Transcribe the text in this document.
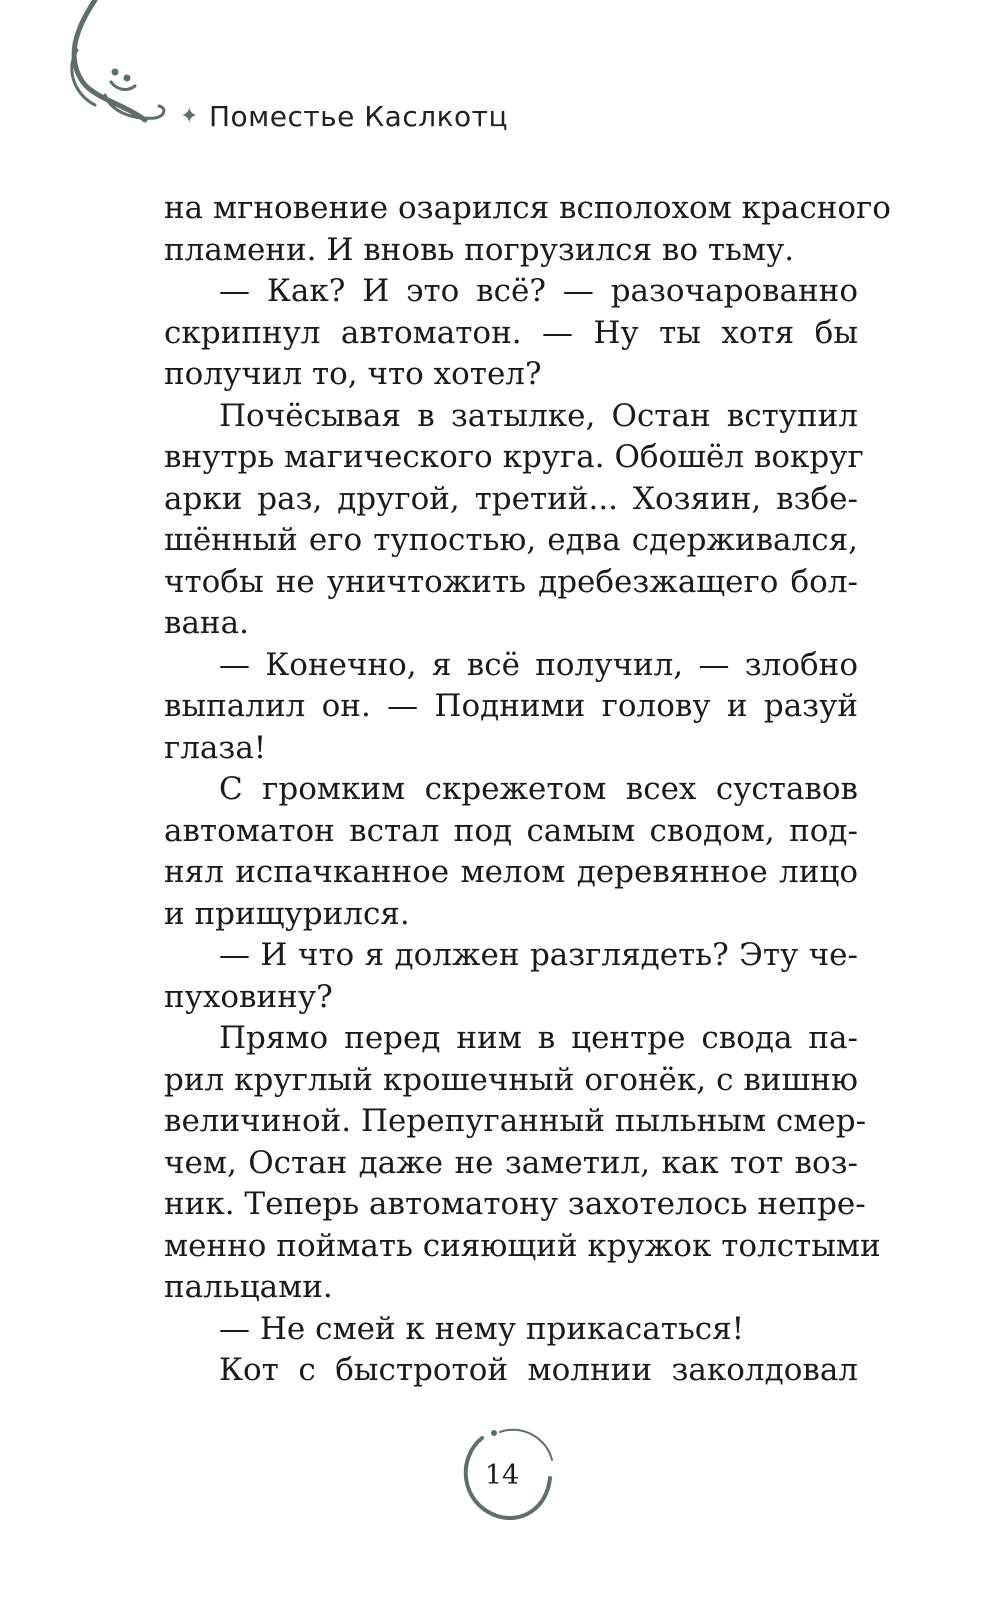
✦ Поместье Каслкотц
на мгновение озарился всполохом красного
пламени. И вновь погрузился во тьму.
— Как? И это всё? — разочарованно
скрипнул автоматон. — Ну ты хотя бы
получил то, что хотел?
Почёсывая в затылке, Остан вступил
внутрь магического круга. Обошёл вокруг
арки раз, другой, третий... Хозяин, взбе-
шённый его тупостью, едва сдерживался,
чтобы не уничтожить дребезжащего бол-
вана.
— Конечно, я всё получил, — злобно
выпалил он. — Подними голову и разуй
глаза!
С громким скрежетом всех суставов
автоматон встал под самым сводом, под-
нял испачканное мелом деревянное лицо
и прищурился.
— И что я должен разглядеть? Эту че-
пуховину?
Прямо перед ним в центре свода па-
рил круглый крошечный огонёк, с вишню
величиной. Перепуганный пыльным смер-
чем, Остан даже не заметил, как тот воз-
ник. Теперь автоматону захотелось непре-
менно поймать сияющий кружок толстыми
пальцами.
— Не смей к нему прикасаться!
Кот с быстротой молнии заколдовал
14
